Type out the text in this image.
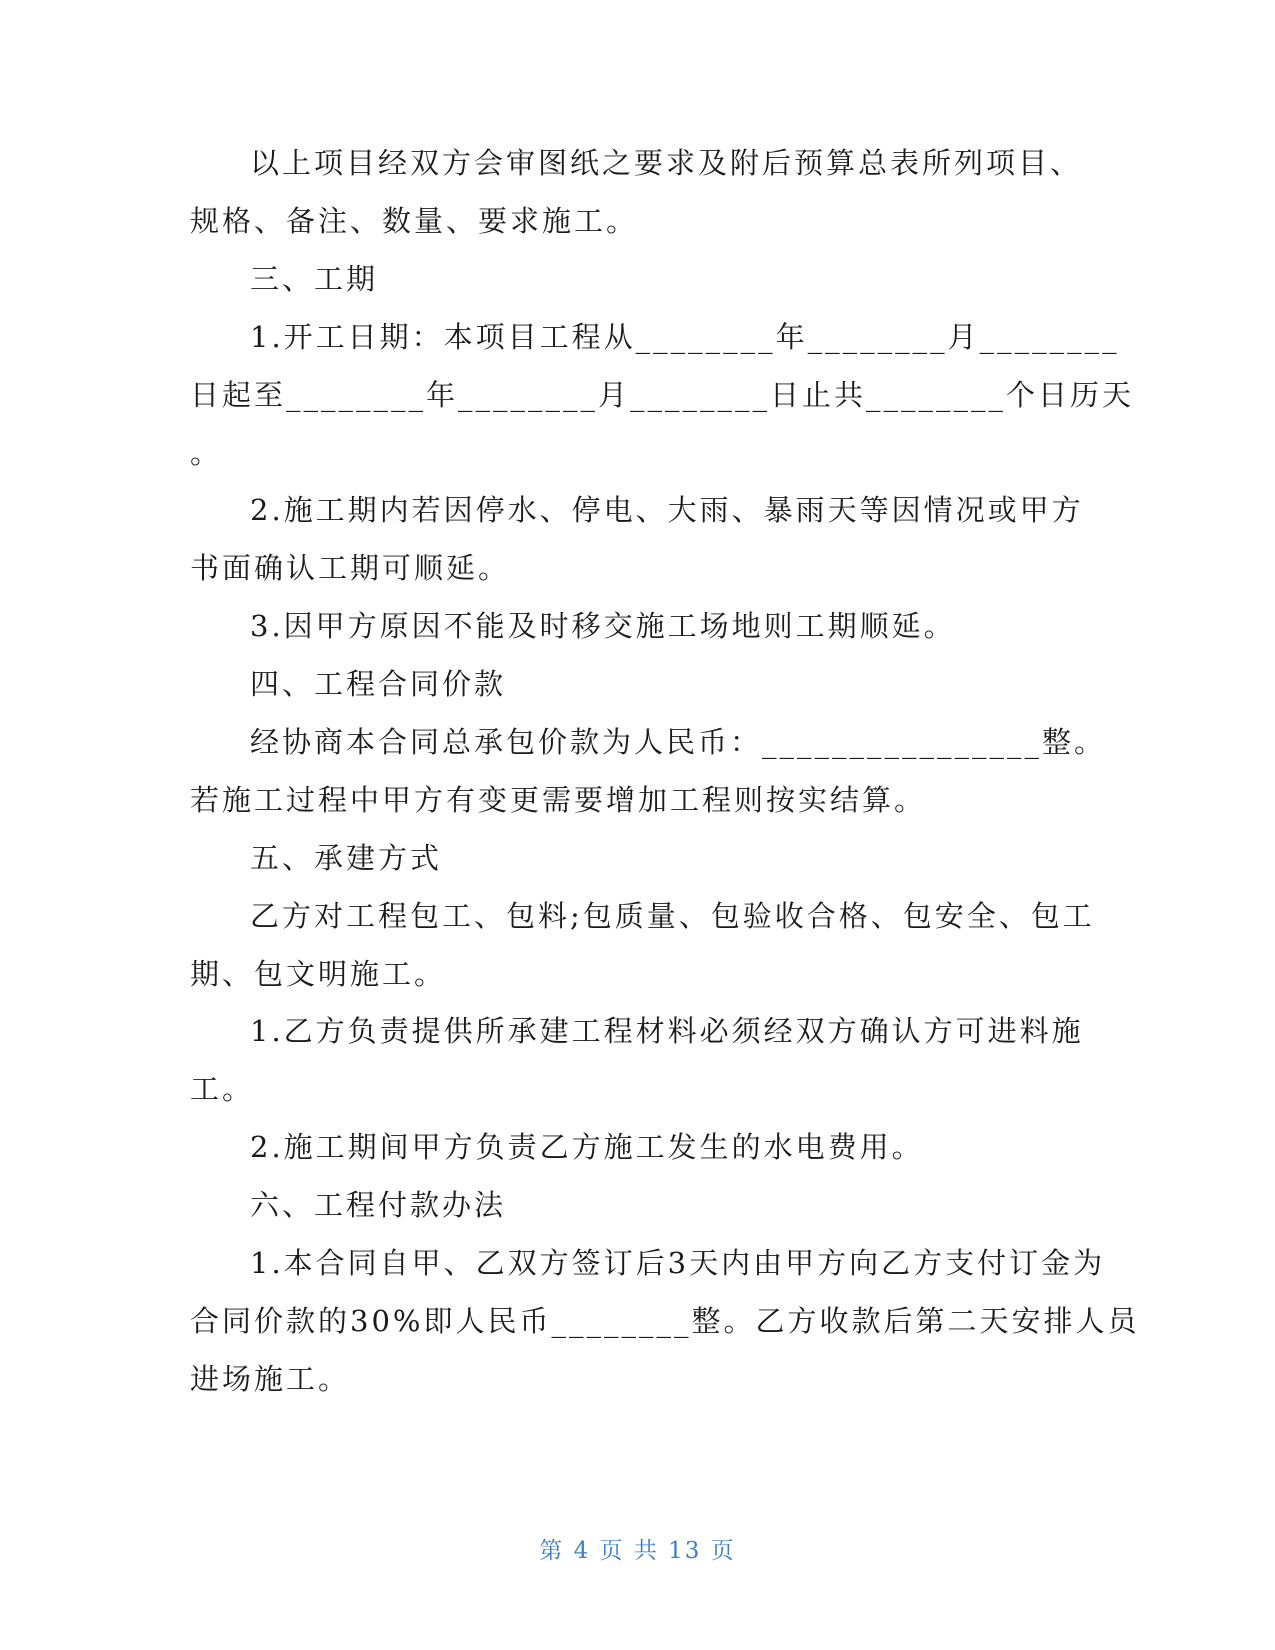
以上项目经双方会审图纸之要求及附后预算总表所列项目、
规格、备注、数量、要求施工。
三、工期
1.开工日期：本项目工程从________年________月________
日起至________年________月________日止共________个日历天
。
2.施工期内若因停水、停电、大雨、暴雨天等因情况或甲方
书面确认工期可顺延。
3.因甲方原因不能及时移交施工场地则工期顺延。
四、工程合同价款
经协商本合同总承包价款为人民币：________________整。
若施工过程中甲方有变更需要增加工程则按实结算。
五、承建方式
乙方对工程包工、包料;包质量、包验收合格、包安全、包工
期、包文明施工。
1.乙方负责提供所承建工程材料必须经双方确认方可进料施
工。
2.施工期间甲方负责乙方施工发生的水电费用。
六、工程付款办法
1.本合同自甲、乙双方签订后3天内由甲方向乙方支付订金为
合同价款的30%即人民币________整。乙方收款后第二天安排人员
进场施工。
第 4 页 共 13 页
